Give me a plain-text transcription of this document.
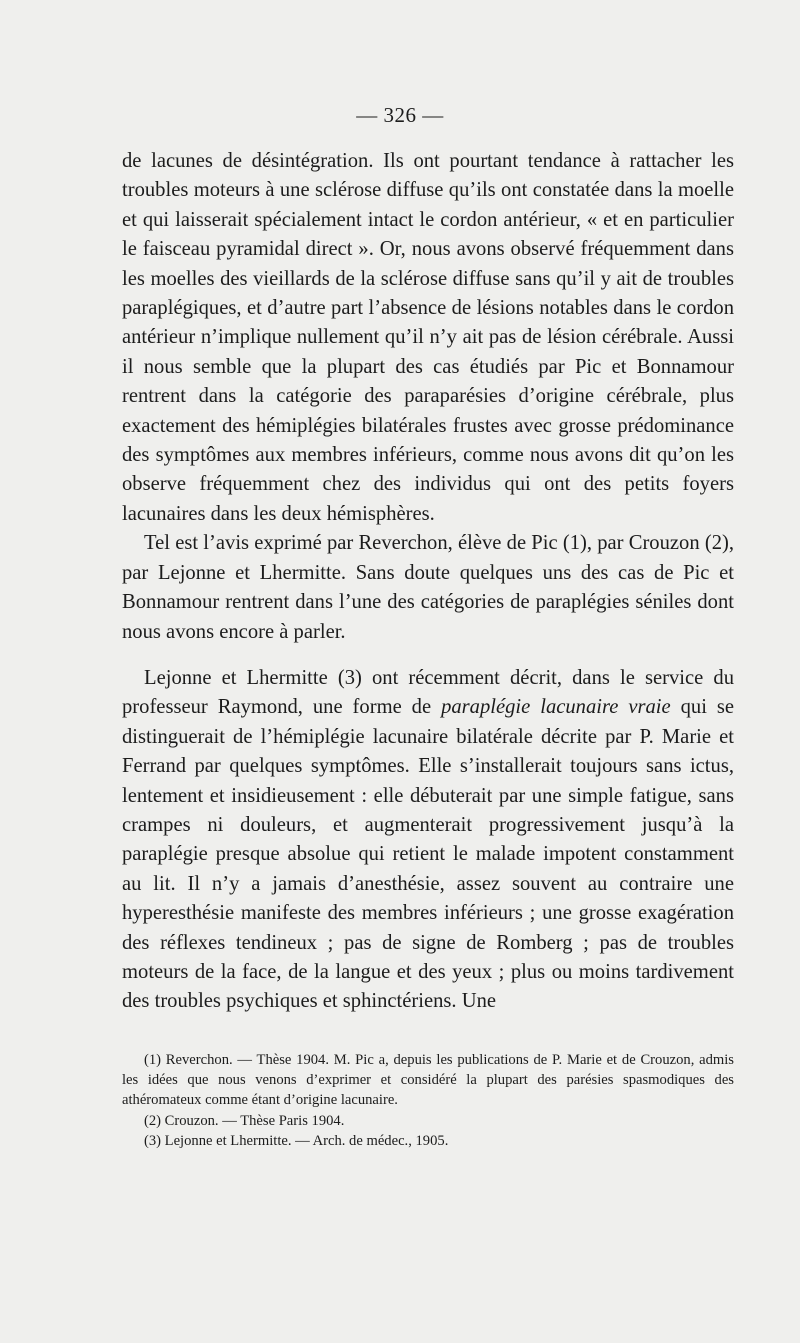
— 326 —

de lacunes de désintégration. Ils ont pourtant tendance à rattacher les troubles moteurs à une sclérose diffuse qu’ils ont constatée dans la moelle et qui laisserait spécialement intact le cordon antérieur, « et en particulier le faisceau pyramidal direct ». Or, nous avons observé fréquemment dans les moelles des vieillards de la sclérose diffuse sans qu’il y ait de troubles paraplégiques, et d’autre part l’absence de lésions notables dans le cordon antérieur n’implique nullement qu’il n’y ait pas de lésion cérébrale. Aussi il nous semble que la plupart des cas étudiés par Pic et Bonnamour rentrent dans la catégorie des paraparésies d’origine cérébrale, plus exactement des hémiplégies bilatérales frustes avec grosse prédominance des symptômes aux membres inférieurs, comme nous avons dit qu’on les observe fréquemment chez des individus qui ont des petits foyers lacunaires dans les deux hémisphères.

Tel est l’avis exprimé par Reverchon, élève de Pic (1), par Crouzon (2), par Lejonne et Lhermitte. Sans doute quelques uns des cas de Pic et Bonnamour rentrent dans l’une des catégories de paraplégies séniles dont nous avons encore à parler.

Lejonne et Lhermitte (3) ont récemment décrit, dans le service du professeur Raymond, une forme de paraplégie lacunaire vraie qui se distinguerait de l’hémiplégie lacunaire bilatérale décrite par P. Marie et Ferrand par quelques symptômes. Elle s’installerait toujours sans ictus, lentement et insidieusement : elle débuterait par une simple fatigue, sans crampes ni douleurs, et augmenterait progressivement jusqu’à la paraplégie presque absolue qui retient le malade impotent constamment au lit. Il n’y a jamais d’anesthésie, assez souvent au contraire une hyperesthésie manifeste des membres inférieurs ; une grosse exagération des réflexes tendineux ; pas de signe de Romberg ; pas de troubles moteurs de la face, de la langue et des yeux ; plus ou moins tardivement des troubles psychiques et sphinctériens. Une

(1) Reverchon. — Thèse 1904. M. Pic a, depuis les publications de P. Marie et de Crouzon, admis les idées que nous venons d’exprimer et considéré la plupart des parésies spasmodiques des athéromateux comme étant d’origine lacunaire.

(2) Crouzon. — Thèse Paris 1904.

(3) Lejonne et Lhermitte. — Arch. de médec., 1905.
